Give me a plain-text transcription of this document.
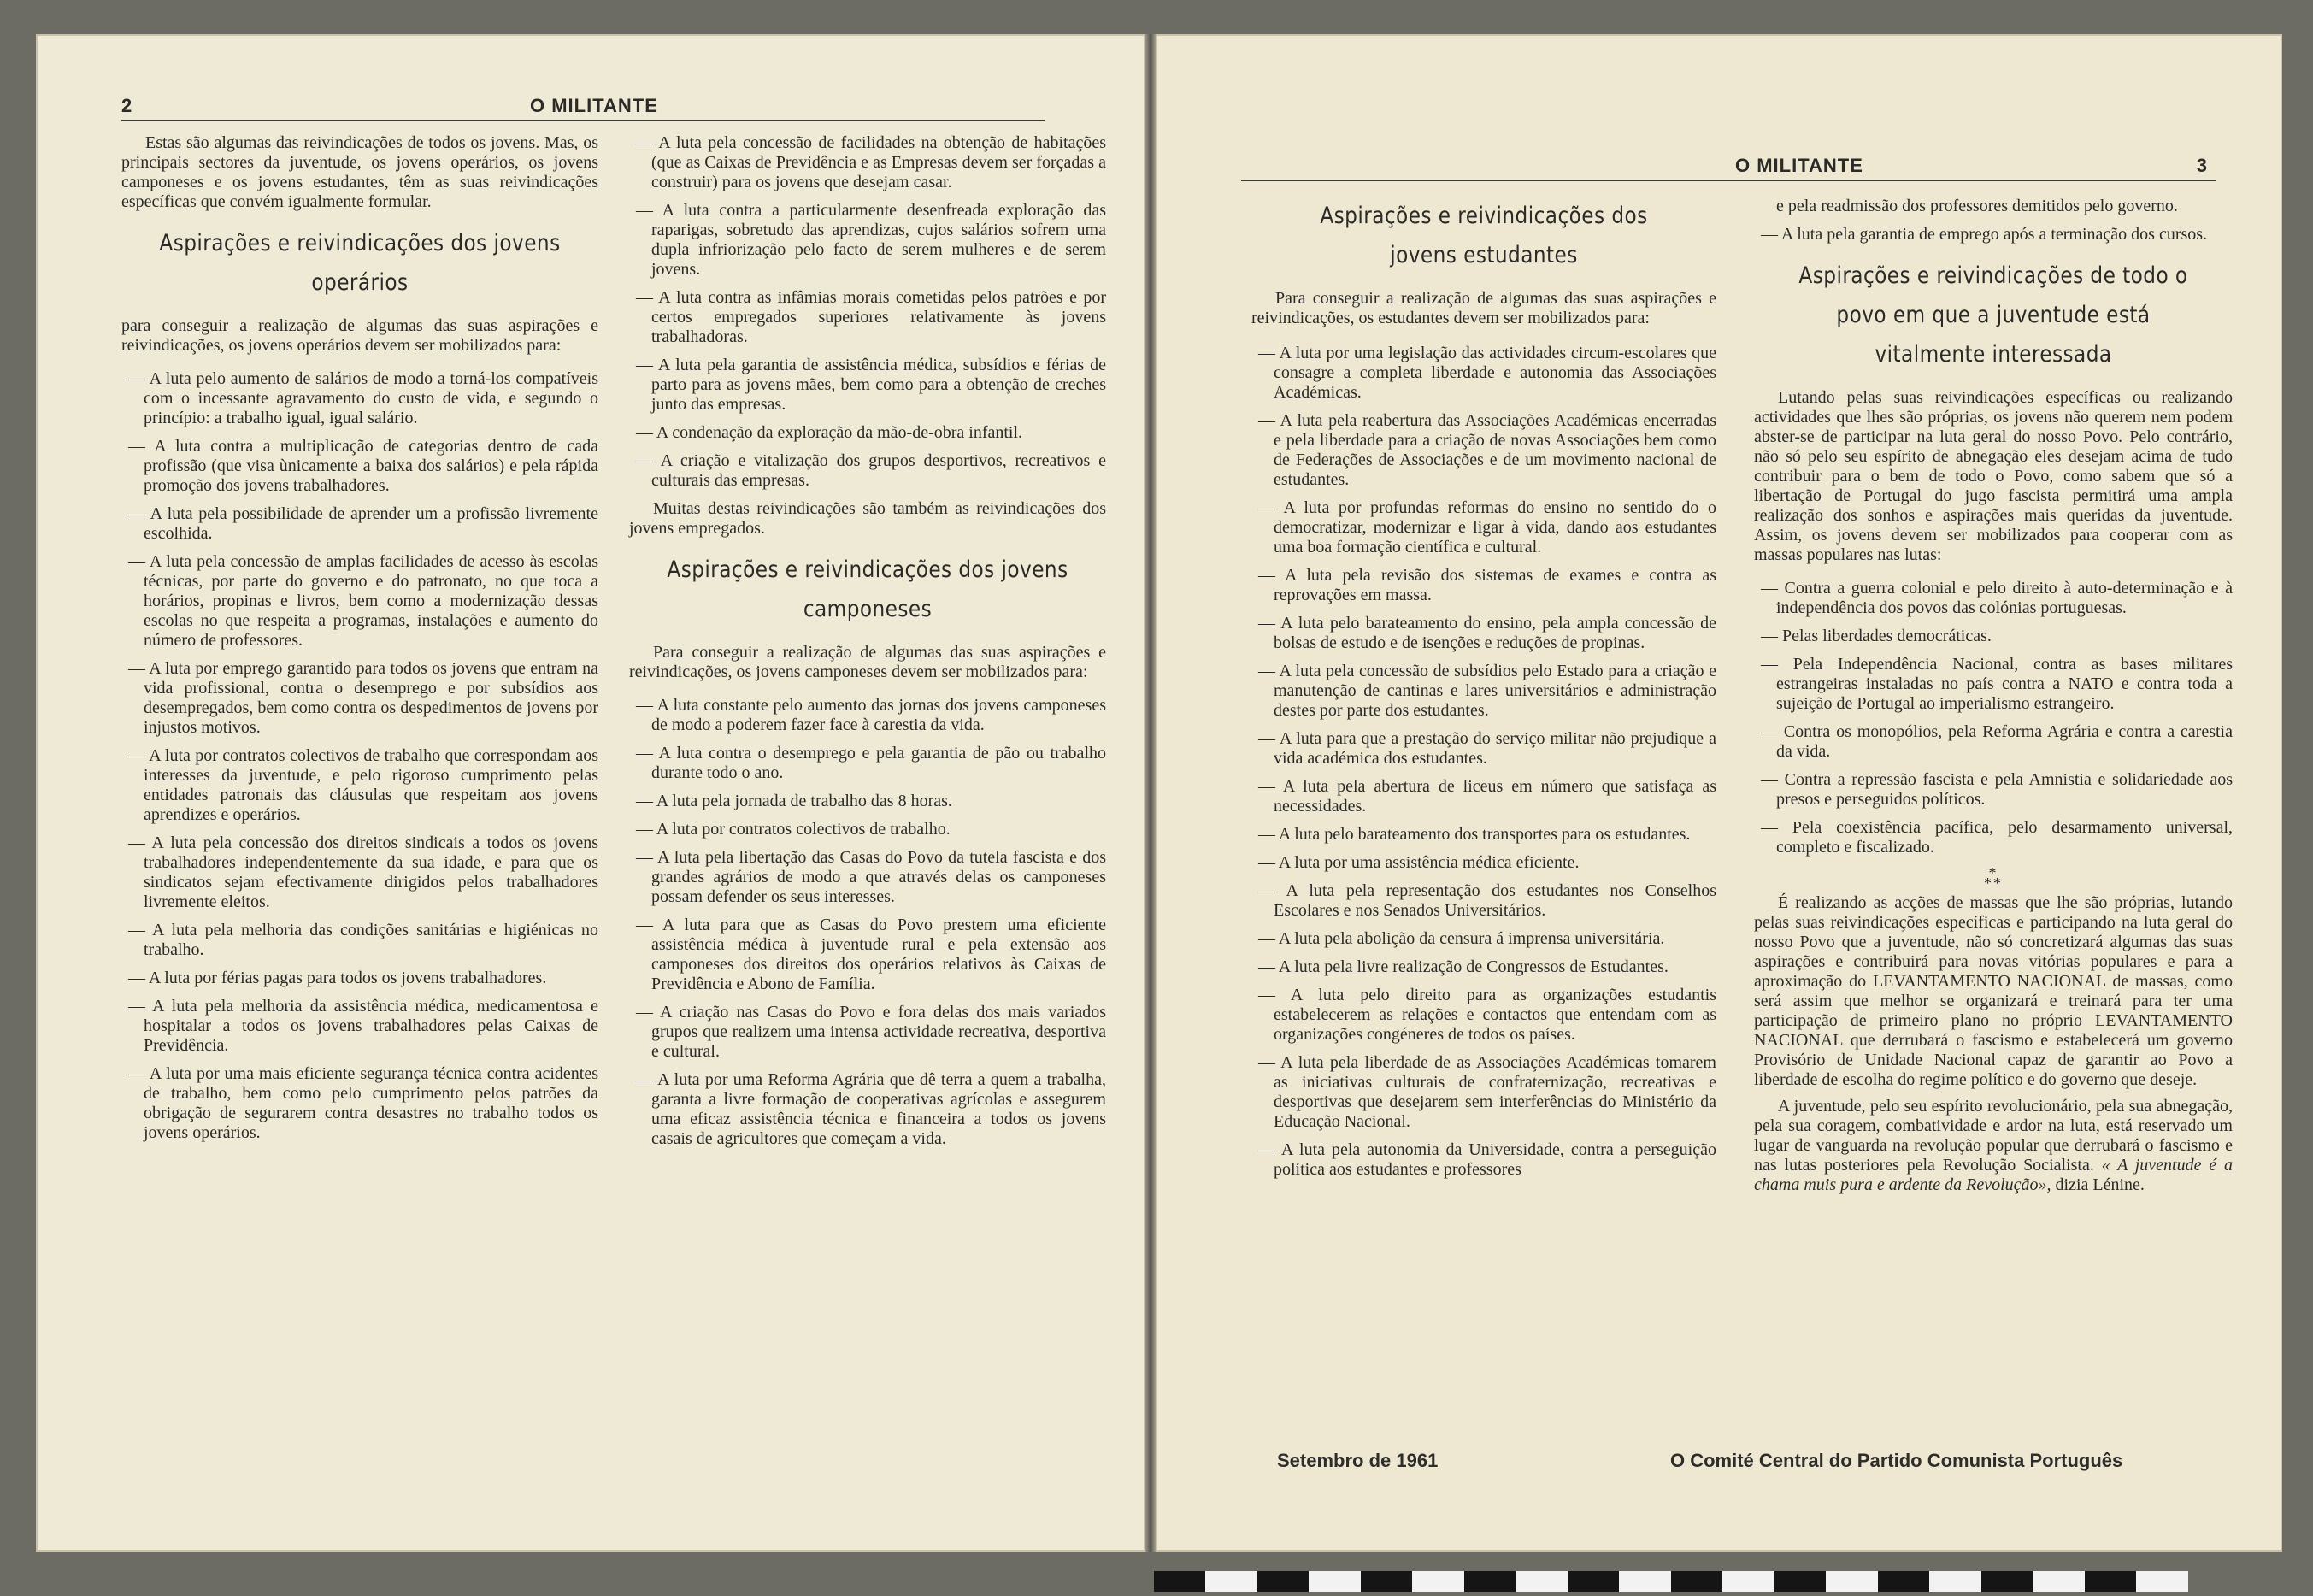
2	O MILITANTE

Estas são algumas das reivindicações de todos os jovens. Mas, os principais sectores da juventude, os jovens operários, os jovens camponeses e os jovens estudantes, têm as suas reivindicações específicas que convém igualmente formular.

Aspirações e reivindicações dos jovens operários

para conseguir a realização de algumas das suas aspirações e reivindicações, os jovens operários devem ser mobilizados para:

— A luta pelo aumento de salários de modo a torná-los compatíveis com o incessante agravamento do custo de vida, e segundo o princípio: a trabalho igual, igual salário.

— A luta contra a multiplicação de categorias dentro de cada profissão (que visa ùnicamente a baixa dos salários) e pela rápida promoção dos jovens trabalhadores.

— A luta pela possibilidade de aprender um a profissão livremente escolhida.

— A luta pela concessão de amplas facilidades de acesso às escolas técnicas, por parte do governo e do patronato, no que toca a horários, propinas e livros, bem como a modernização dessas escolas no que respeita a programas, instalações e aumento do número de professores.

— A luta por emprego garantido para todos os jovens que entram na vida profissional, contra o desemprego e por subsídios aos desempregados, bem como contra os despedimentos de jovens por injustos motivos.

— A luta por contratos colectivos de trabalho que correspondam aos interesses da juventude, e pelo rigoroso cumprimento pelas entidades patronais das cláusulas que respeitam aos jovens aprendizes e operários.

— A luta pela concessão dos direitos sindicais a todos os jovens trabalhadores independentemente da sua idade, e para que os sindicatos sejam efectivamente dirigidos pelos trabalhadores livremente eleitos.

— A luta pela melhoria das condições sanitárias e higiénicas no trabalho.

— A luta por férias pagas para todos os jovens trabalhadores.

— A luta pela melhoria da assistência médica, medicamentosa e hospitalar a todos os jovens trabalhadores pelas Caixas de Previdência.

— A luta por uma mais eficiente segurança técnica contra acidentes de trabalho, bem como pelo cumprimento pelos patrões da obrigação de segurarem contra desastres no trabalho todos os jovens operários.

— A luta pela concessão de facilidades na obtenção de habitações (que as Caixas de Previdência e as Empresas devem ser forçadas a construir) para os jovens que desejam casar.

— A luta contra a particularmente desenfreada exploração das raparigas, sobretudo das aprendizas, cujos salários sofrem uma dupla infriorização pelo facto de serem mulheres e de serem jovens.

— A luta contra as infâmias morais cometidas pelos patrões e por certos empregados superiores relativamente às jovens trabalhadoras.

— A luta pela garantia de assistência médica, subsídios e férias de parto para as jovens mães, bem como para a obtenção de creches junto das empresas.

— A condenação da exploração da mão-de-obra infantil.

— A criação e vitalização dos grupos desportivos, recreativos e culturais das empresas.

Muitas destas reivindicações são também as reivindicações dos jovens empregados.

Aspirações e reivindicações dos jovens camponeses

Para conseguir a realização de algumas das suas aspirações e reivindicações, os jovens camponeses devem ser mobilizados para:

— A luta constante pelo aumento das jornas dos jovens camponeses de modo a poderem fazer face à carestia da vida.

— A luta contra o desemprego e pela garantia de pão ou trabalho durante todo o ano.

— A luta pela jornada de trabalho das 8 horas.

— A luta por contratos colectivos de trabalho.

— A luta pela libertação das Casas do Povo da tutela fascista e dos grandes agrários de modo a que através delas os camponeses possam defender os seus interesses.

— A luta para que as Casas do Povo prestem uma eficiente assistência médica à juventude rural e pela extensão aos camponeses dos direitos dos operários relativos às Caixas de Previdência e Abono de Família.

— A criação nas Casas do Povo e fora delas dos mais variados grupos que realizem uma intensa actividade recreativa, desportiva e cultural.

— A luta por uma Reforma Agrária que dê terra a quem a trabalha, garanta a livre formação de cooperativas agrícolas e assegurem uma eficaz assistência técnica e financeira a todos os jovens casais de agricultores que começam a vida.

O MILITANTE	3
Aspirações e reivindicações dos jovens estudantes

Para conseguir a realização de algumas das suas aspirações e reivindicações, os estudantes devem ser mobilizados para:

— A luta por uma legislação das actividades circum-escolares que consagre a completa liberdade e autonomia das Associações Académicas.

— A luta pela reabertura das Associações Académicas encerradas e pela liberdade para a criação de novas Associações bem como de Federações de Associações e de um movimento nacional de estudantes.

— A luta por profundas reformas do ensino no sentido do o democratizar, modernizar e ligar à vida, dando aos estudantes uma boa formação científica e cultural.

— A luta pela revisão dos sistemas de exames e contra as reprovações em massa.

— A luta pelo barateamento do ensino, pela ampla concessão de bolsas de estudo e de isenções e reduções de propinas.

— A luta pela concessão de subsídios pelo Estado para a criação e manutenção de cantinas e lares universitários e administração destes por parte dos estudantes.

— A luta para que a prestação do serviço militar não prejudique a vida académica dos estudantes.

— A luta pela abertura de liceus em número que satisfaça as necessidades.

— A luta pelo barateamento dos transportes para os estudantes.

— A luta por uma assistência médica eficiente.

— A luta pela representação dos estudantes nos Conselhos Escolares e nos Senados Universitários.

— A luta pela abolição da censura á imprensa universitária.

— A luta pela livre realização de Congressos de Estudantes.

— A luta pelo direito para as organizações estudantis estabelecerem as relações e contactos que entendam com as organizações congéneres de todos os países.

— A luta pela liberdade de as Associações Académicas tomarem as iniciativas culturais de confraternização, recreativas e desportivas que desejarem sem interferências do Ministério da Educação Nacional.

— A luta pela autonomia da Universidade, contra a perseguição política aos estudantes e professores

e pela readmissão dos professores demitidos pelo governo.

— A luta pela garantia de emprego após a terminação dos cursos.

Aspirações e reivindicações de todo o povo em que a juventude está vitalmente interessada

Lutando pelas suas reivindicações específicas ou realizando actividades que lhes são próprias, os jovens não querem nem podem abster-se de participar na luta geral do nosso Povo. Pelo contrário, não só pelo seu espírito de abnegação eles desejam acima de tudo contribuir para o bem de todo o Povo, como sabem que só a libertação de Portugal do jugo fascista permitirá uma ampla realização dos sonhos e aspirações mais queridas da juventude. Assim, os jovens devem ser mobilizados para cooperar com as massas populares nas lutas:

— Contra a guerra colonial e pelo direito à auto-determinação e à independência dos povos das colónias portuguesas.

— Pelas liberdades democráticas.

— Pela Independência Nacional, contra as bases militares estrangeiras instaladas no país contra a NATO e contra toda a sujeição de Portugal ao imperialismo estrangeiro.

— Contra os monopólios, pela Reforma Agrária e contra a carestia da vida.

— Contra a repressão fascista e pela Amnistia e solidariedade aos presos e perseguidos políticos.

— Pela coexistência pacífica, pelo desarmamento universal, completo e fiscalizado.

*
**

É realizando as acções de massas que lhe são próprias, lutando pelas suas reivindicações específicas e participando na luta geral do nosso Povo que a juventude, não só concretizará algumas das suas aspirações e contribuirá para novas vitórias populares e para a aproximação do LEVANTAMENTO NACIONAL de massas, como será assim que melhor se organizará e treinará para ter uma participação de primeiro plano no próprio LEVANTAMENTO NACIONAL que derrubará o fascismo e estabelecerá um governo Provisório de Unidade Nacional capaz de garantir ao Povo a liberdade de escolha do regime político e do governo que deseje.

A juventude, pelo seu espírito revolucionário, pela sua abnegação, pela sua coragem, combatividade e ardor na luta, está reservado um lugar de vanguarda na revolução popular que derrubará o fascismo e nas lutas posteriores pela Revolução Socialista. « A juventude é a chama muis pura e ardente da Revolução», dizia Lénine.

Setembro de 1961	O Comité Central do Partido Comunista Português
